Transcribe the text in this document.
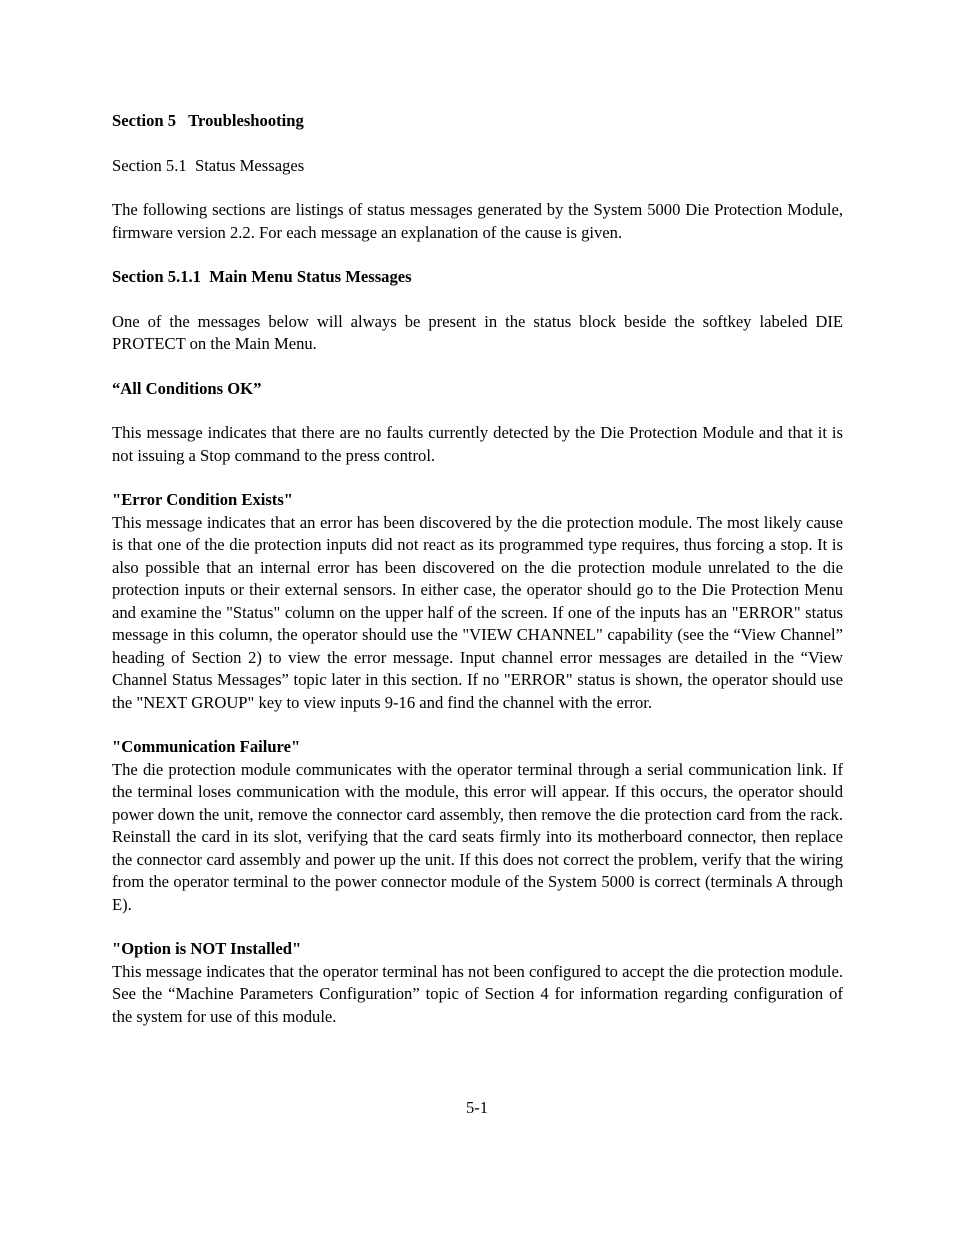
Section 5   Troubleshooting

Section 5.1  Status Messages

The following sections are listings of status messages generated by the System 5000 Die Protection Module, firmware version 2.2. For each message an explanation of the cause is given.

Section 5.1.1  Main Menu Status Messages

One of the messages below will always be present in the status block beside the softkey labeled DIE PROTECT on the Main Menu.

“All Conditions OK”

This message indicates that there are no faults currently detected by the Die Protection Module and that it is not issuing a Stop command to the press control.

"Error Condition Exists"

This message indicates that an error has been discovered by the die protection module. The most likely cause is that one of the die protection inputs did not react as its programmed type requires, thus forcing a stop. It is also possible that an internal error has been discovered on the die protection module unrelated to the die protection inputs or their external sensors. In either case, the operator should go to the Die Protection Menu and examine the "Status" column on the upper half of the screen. If one of the inputs has an "ERROR" status message in this column, the operator should use the "VIEW CHANNEL" capability (see the “View Channel” heading of Section 2) to view the error message. Input channel error messages are detailed in the “View Channel Status Messages” topic later in this section. If no "ERROR" status is shown, the operator should use the "NEXT GROUP" key to view inputs 9-16 and find the channel with the error.

"Communication Failure"

The die protection module communicates with the operator terminal through a serial communication link. If the terminal loses communication with the module, this error will appear. If this occurs, the operator should power down the unit, remove the connector card assembly, then remove the die protection card from the rack. Reinstall the card in its slot, verifying that the card seats firmly into its motherboard connector, then replace the connector card assembly and power up the unit. If this does not correct the problem, verify that the wiring from the operator terminal to the power connector module of the System 5000 is correct (terminals A through E).

"Option is NOT Installed"

This message indicates that the operator terminal has not been configured to accept the die protection module. See the “Machine Parameters Configuration” topic of Section 4 for information regarding configuration of the system for use of this module.

5-1
